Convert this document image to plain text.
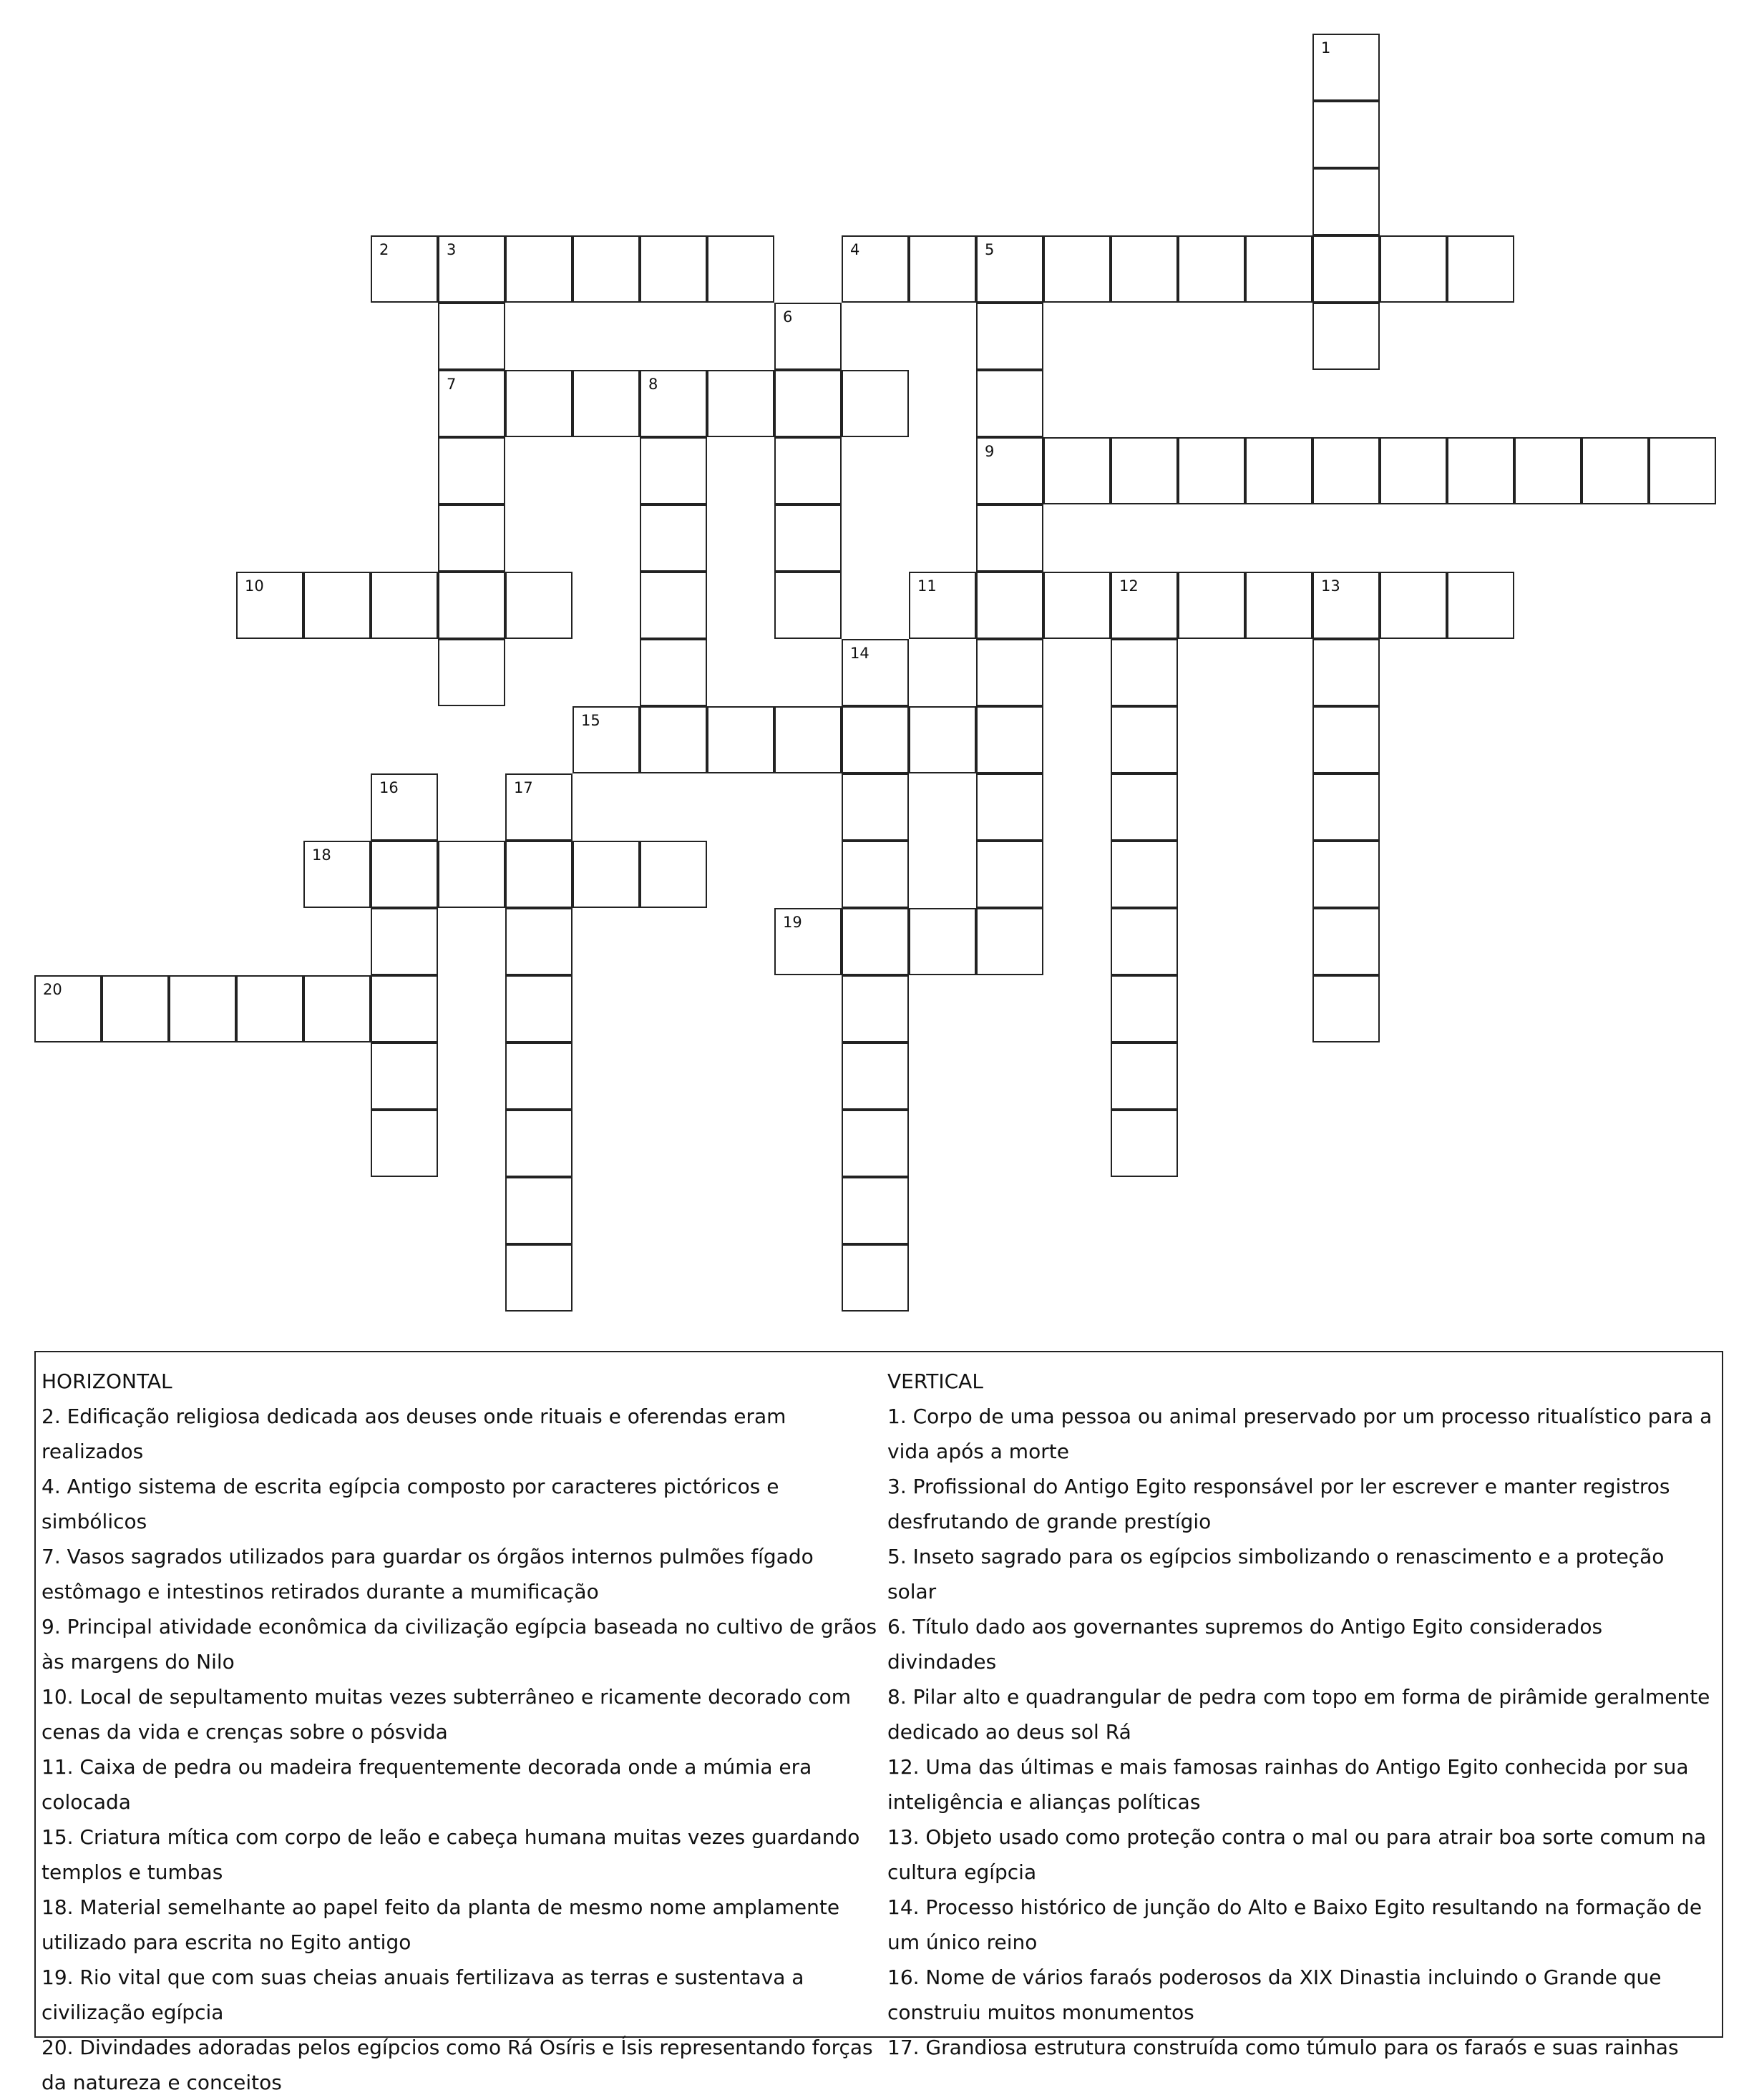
1
2	3
7
4	5
9
6
8
10	11	12	13
14
15
16	17
18
19
20

HORIZONTAL

2. Edificação religiosa dedicada aos deuses onde rituais e oferendas eram realizados

4. Antigo sistema de escrita egípcia composto por caracteres pictóricos e simbólicos

7. Vasos sagrados utilizados para guardar os órgãos internos pulmões fígado estômago e intestinos retirados durante a mumificação

9. Principal atividade econômica da civilização egípcia baseada no cultivo de grãos às margens do Nilo

10. Local de sepultamento muitas vezes subterrâneo e ricamente decorado com cenas da vida e crenças sobre o pósvida

11. Caixa de pedra ou madeira frequentemente decorada onde a múmia era colocada

15. Criatura mítica com corpo de leão e cabeça humana muitas vezes guardando templos e tumbas

18. Material semelhante ao papel feito da planta de mesmo nome amplamente utilizado para escrita no Egito antigo

19. Rio vital que com suas cheias anuais fertilizava as terras e sustentava a civilização egípcia

20. Divindades adoradas pelos egípcios como Rá Osíris e Ísis representando forças da natureza e conceitos

VERTICAL

1. Corpo de uma pessoa ou animal preservado por um processo ritualístico para a vida após a morte

3. Profissional do Antigo Egito responsável por ler escrever e manter registros desfrutando de grande prestígio

5. Inseto sagrado para os egípcios simbolizando o renascimento e a proteção solar

6. Título dado aos governantes supremos do Antigo Egito considerados divindades

8. Pilar alto e quadrangular de pedra com topo em forma de pirâmide geralmente dedicado ao deus sol Rá

12. Uma das últimas e mais famosas rainhas do Antigo Egito conhecida por sua inteligência e alianças políticas

13. Objeto usado como proteção contra o mal ou para atrair boa sorte comum na cultura egípcia

14. Processo histórico de junção do Alto e Baixo Egito resultando na formação de um único reino

16. Nome de vários faraós poderosos da XIX Dinastia incluindo o Grande que construiu muitos monumentos

17. Grandiosa estrutura construída como túmulo para os faraós e suas rainhas
